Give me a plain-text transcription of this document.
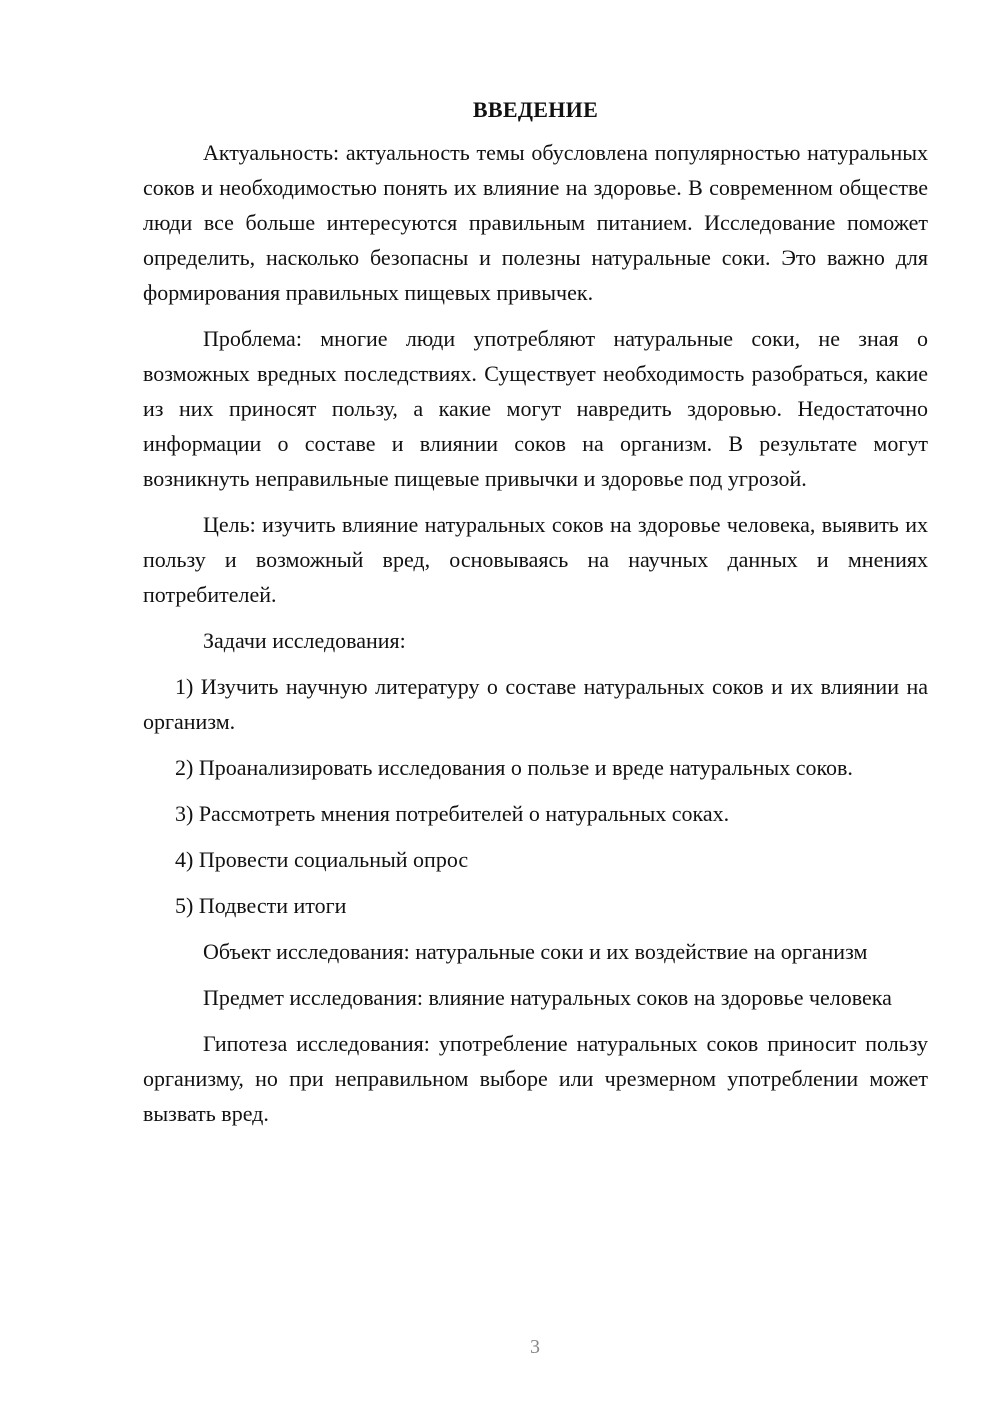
ВВЕДЕНИЕ

Актуальность: актуальность темы обусловлена популярностью натуральных соков и необходимостью понять их влияние на здоровье. В современном обществе люди все больше интересуются правильным питанием. Исследование поможет определить, насколько безопасны и полезны натуральные соки. Это важно для формирования правильных пищевых привычек.

Проблема: многие люди употребляют натуральные соки, не зная о возможных вредных последствиях. Существует необходимость разобраться, какие из них приносят пользу, а какие могут навредить здоровью. Недостаточно информации о составе и влиянии соков на организм. В результате могут возникнуть неправильные пищевые привычки и здоровье под угрозой.

Цель: изучить влияние натуральных соков на здоровье человека, выявить их пользу и возможный вред, основываясь на научных данных и мнениях потребителей.

Задачи исследования:

1) Изучить научную литературу о составе натуральных соков и их влиянии на организм.

2) Проанализировать исследования о пользе и вреде натуральных соков.

3) Рассмотреть мнения потребителей о натуральных соках.

4) Провести социальный опрос

5) Подвести итоги

Объект исследования: натуральные соки и их воздействие на организм

Предмет исследования: влияние натуральных соков на здоровье человека

Гипотеза исследования: употребление натуральных соков приносит пользу организму, но при неправильном выборе или чрезмерном употреблении может вызвать вред.

3
